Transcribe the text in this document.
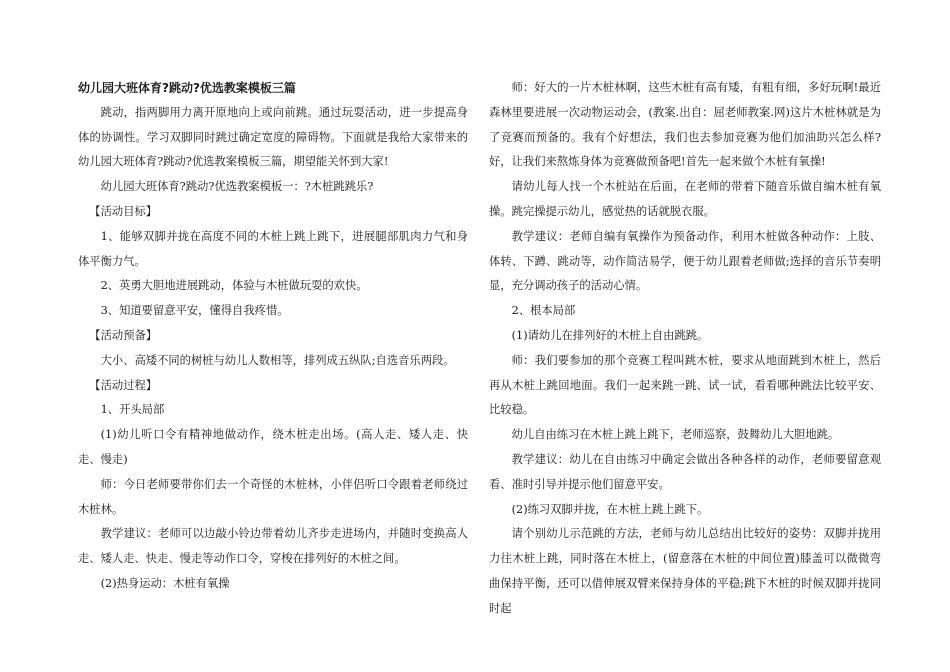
幼儿园大班体育?跳动?优选教案模板三篇

跳动，指两脚用力离开原地向上或向前跳。通过玩耍活动，进一步提高身体的协调性。学习双脚同时跳过确定宽度的障碍物。下面就是我给大家带来的幼儿园大班体育?跳动?优选教案模板三篇，期望能关怀到大家!

幼儿园大班体育?跳动?优选教案模板一：?木桩跳跳乐?

【活动目标】

1、能够双脚并拢在高度不同的木桩上跳上跳下，进展腿部肌肉力气和身体平衡力气。

2、英勇大胆地进展跳动，体验与木桩做玩耍的欢快。

3、知道要留意平安，懂得自我疼惜。

【活动预备】

大小、高矮不同的树桩与幼儿人数相等，排列成五纵队;自选音乐两段。

【活动过程】

1、开头局部

(1)幼儿听口令有精神地做动作，绕木桩走出场。(高人走、矮人走、快走、慢走)

师：今日老师要带你们去一个奇怪的木桩林，小伴侣听口令跟着老师绕过木桩林。

教学建议：老师可以边敲小铃边带着幼儿齐步走进场内，并随时变换高人走、矮人走、快走、慢走等动作口令，穿梭在排列好的木桩之间。

(2)热身运动：木桩有氧操

师：好大的一片木桩林啊，这些木桩有高有矮，有粗有细，多好玩啊!最近森林里要进展一次动物运动会，(教案.出自：屈老师教案.网)这片木桩林就是为了竞赛而预备的。我有个好想法，我们也去参加竞赛为他们加油助兴怎么样?好，让我们来熬炼身体为竞赛做预备吧!首先一起来做个木桩有氧操!

请幼儿每人找一个木桩站在后面，在老师的带着下随音乐做自编木桩有氧操。跳完操提示幼儿，感觉热的话就脱衣服。

教学建议：老师自编有氧操作为预备动作，利用木桩做各种动作：上肢、体转、下蹲、跳动等，动作简洁易学，便于幼儿跟着老师做;选择的音乐节奏明显，充分调动孩子的活动心情。

2、根本局部

(1)请幼儿在排列好的木桩上自由跳跳。

师：我们要参加的那个竞赛工程叫跳木桩，要求从地面跳到木桩上，然后再从木桩上跳回地面。我们一起来跳一跳、试一试，看看哪种跳法比较平安、比较稳。

幼儿自由练习在木桩上跳上跳下，老师巡察，鼓舞幼儿大胆地跳。

教学建议：幼儿在自由练习中确定会做出各种各样的动作，老师要留意观看、准时引导并提示他们留意平安。

(2)练习双脚并拢，在木桩上跳上跳下。

请个别幼儿示范跳的方法，老师与幼儿总结出比较好的姿势：双脚并拢用力往木桩上跳，同时落在木桩上，(留意落在木桩的中间位置)膝盖可以微微弯曲保持平衡，还可以借伸展双臂来保持身体的平稳;跳下木桩的时候双脚并拢同时起
